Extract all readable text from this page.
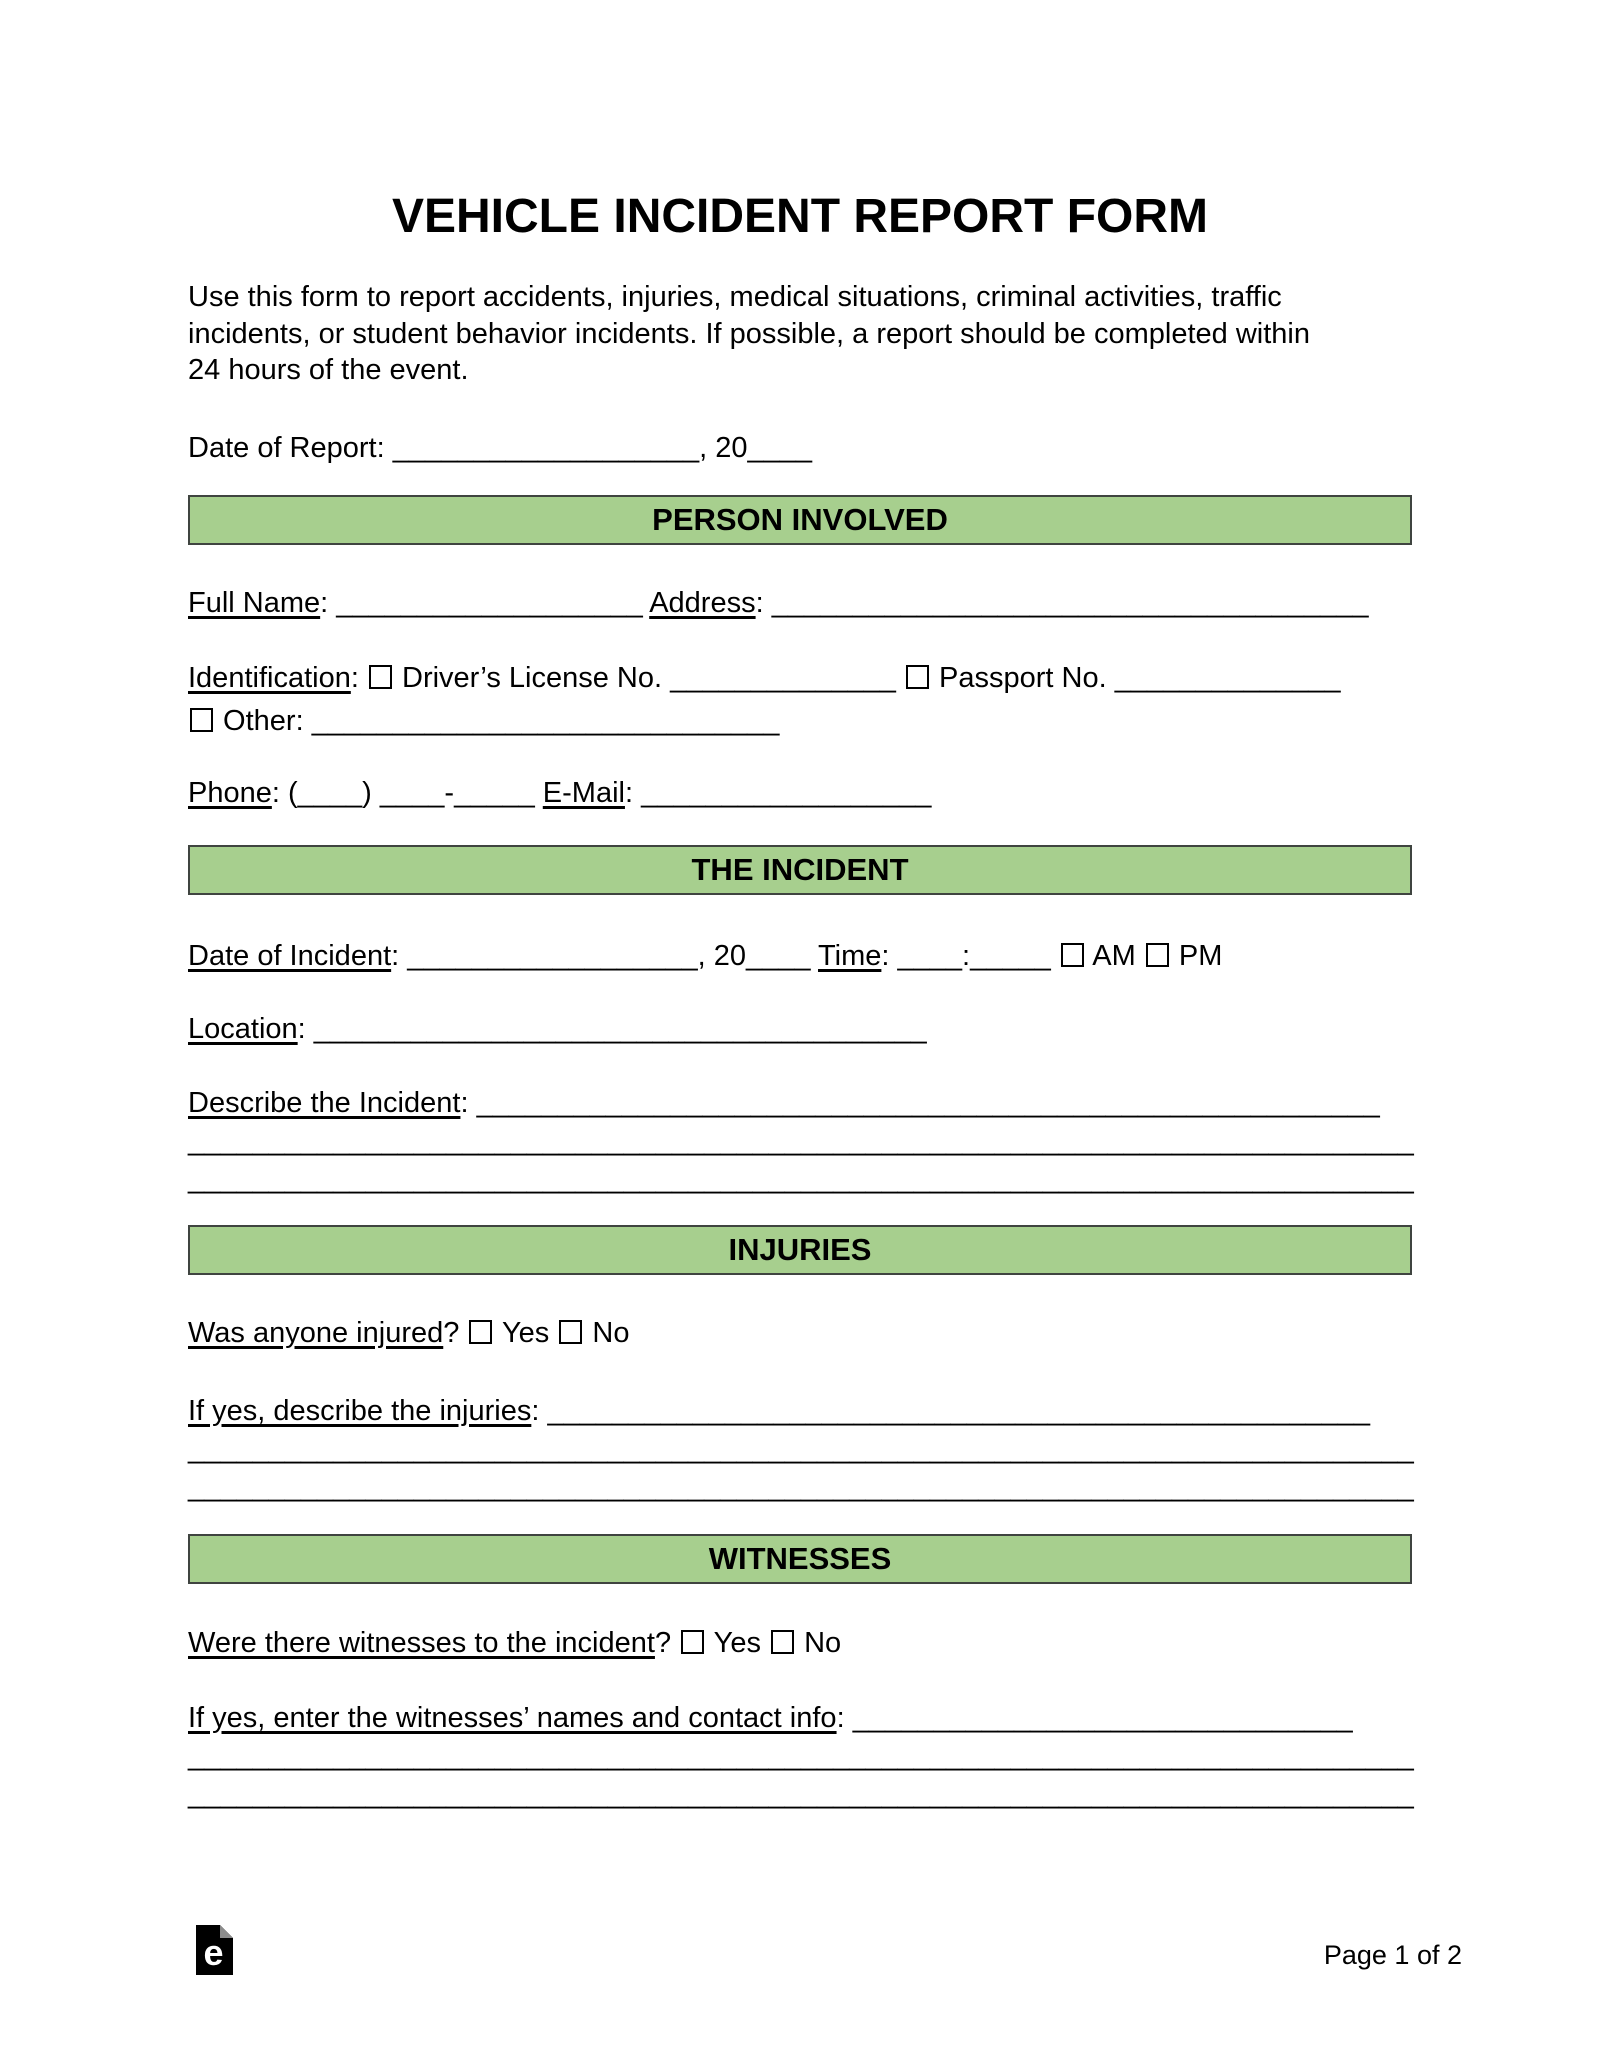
VEHICLE INCIDENT REPORT FORM
Use this form to report accidents, injuries, medical situations, criminal activities, traffic
incidents, or student behavior incidents. If possible, a report should be completed within
24 hours of the event.
Date of Report: ___________________, 20____
PERSON INVOLVED
Full Name: ___________________ Address: _____________________________________
Identification:  Driver’s License No. ______________  Passport No. ______________
Other: _____________________________
Phone: (____) ____-_____ E-Mail: __________________
THE INCIDENT
Date of Incident: __________________, 20____ Time: ____:_____  AM  PM
Location: ______________________________________
Describe the Incident: ________________________________________________________
____________________________________________________________________________
____________________________________________________________________________
INJURIES
Was anyone injured?  Yes  No
If yes, describe the injuries: ___________________________________________________
____________________________________________________________________________
____________________________________________________________________________
WITNESSES
Were there witnesses to the incident?  Yes  No
If yes, enter the witnesses’ names and contact info: _______________________________
____________________________________________________________________________
____________________________________________________________________________
e	Page 1 of 2
